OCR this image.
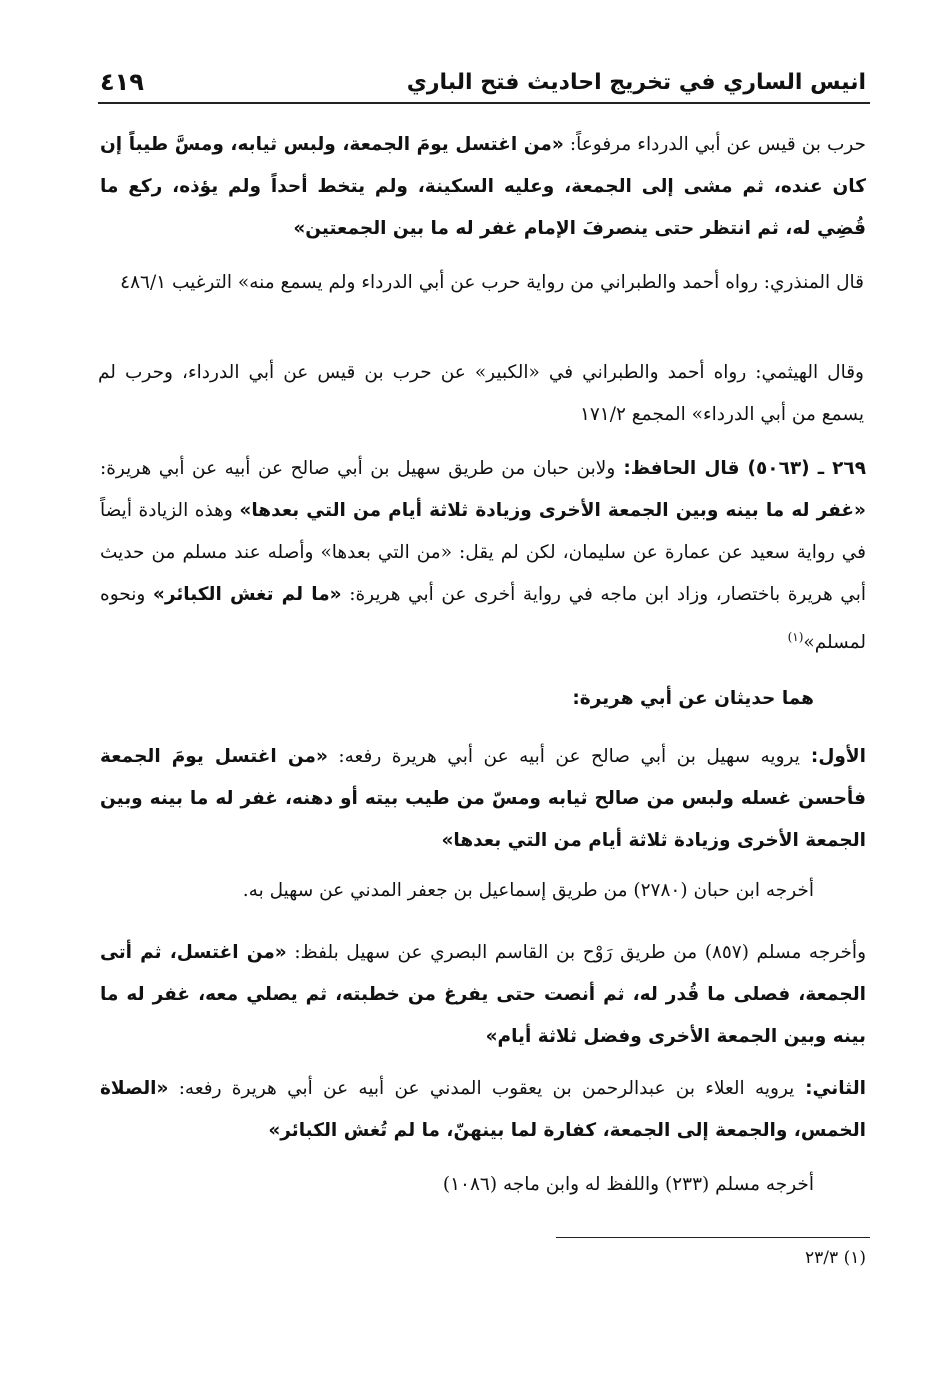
انيس الساري في تخريج احاديث فتح الباري
٤١٩
حرب بن قيس عن أبي الدرداء مرفوعاً: «من اغتسل يومَ الجمعة، ولبس ثيابه، ومسَّ طيباً إن كان عنده، ثم مشى إلى الجمعة، وعليه السكينة، ولم يتخط أحداً ولم يؤذه، ركع ما قُضِي له، ثم انتظر حتى ينصرفَ الإمام غفر له ما بين الجمعتين»
قال المنذري: رواه أحمد والطبراني من رواية حرب عن أبي الدرداء ولم يسمع منه» الترغيب ٤٨٦/١
وقال الهيثمي: رواه أحمد والطبراني في «الكبير» عن حرب بن قيس عن أبي الدرداء، وحرب لم يسمع من أبي الدرداء» المجمع ١٧١/٢
٢٦٩ ـ (٥٠٦٣) قال الحافظ: ولابن حبان من طريق سهيل بن أبي صالح عن أبيه عن أبي هريرة: «غفر له ما بينه وبين الجمعة الأخرى وزيادة ثلاثة أيام من التي بعدها» وهذه الزيادة أيضاً في رواية سعيد عن عمارة عن سليمان، لكن لم يقل: «من التي بعدها» وأصله عند مسلم من حديث أبي هريرة باختصار، وزاد ابن ماجه في رواية أخرى عن أبي هريرة: «ما لم تغش الكبائر» ونحوه لمسلم»$^{(١)}$
هما حديثان عن أبي هريرة:
الأول: يرويه سهيل بن أبي صالح عن أبيه عن أبي هريرة رفعه: «من اغتسل يومَ الجمعة فأحسن غسله ولبس من صالح ثيابه ومسّ من طيب بيته أو دهنه، غفر له ما بينه وبين الجمعة الأخرى وزيادة ثلاثة أيام من التي بعدها»
أخرجه ابن حبان (٢٧٨٠) من طريق إسماعيل بن جعفر المدني عن سهيل به.
وأخرجه مسلم (٨٥٧) من طريق رَوْح بن القاسم البصري عن سهيل بلفظ: «من اغتسل، ثم أتى الجمعة، فصلى ما قُدر له، ثم أنصت حتى يفرغ من خطبته، ثم يصلي معه، غفر له ما بينه وبين الجمعة الأخرى وفضل ثلاثة أيام»
الثاني: يرويه العلاء بن عبدالرحمن بن يعقوب المدني عن أبيه عن أبي هريرة رفعه: «الصلاة الخمس، والجمعة إلى الجمعة، كفارة لما بينهنّ، ما لم تُغش الكبائر»
أخرجه مسلم (٢٣٣) واللفظ له وابن ماجه (١٠٨٦)
(١) ٢٣/٣
